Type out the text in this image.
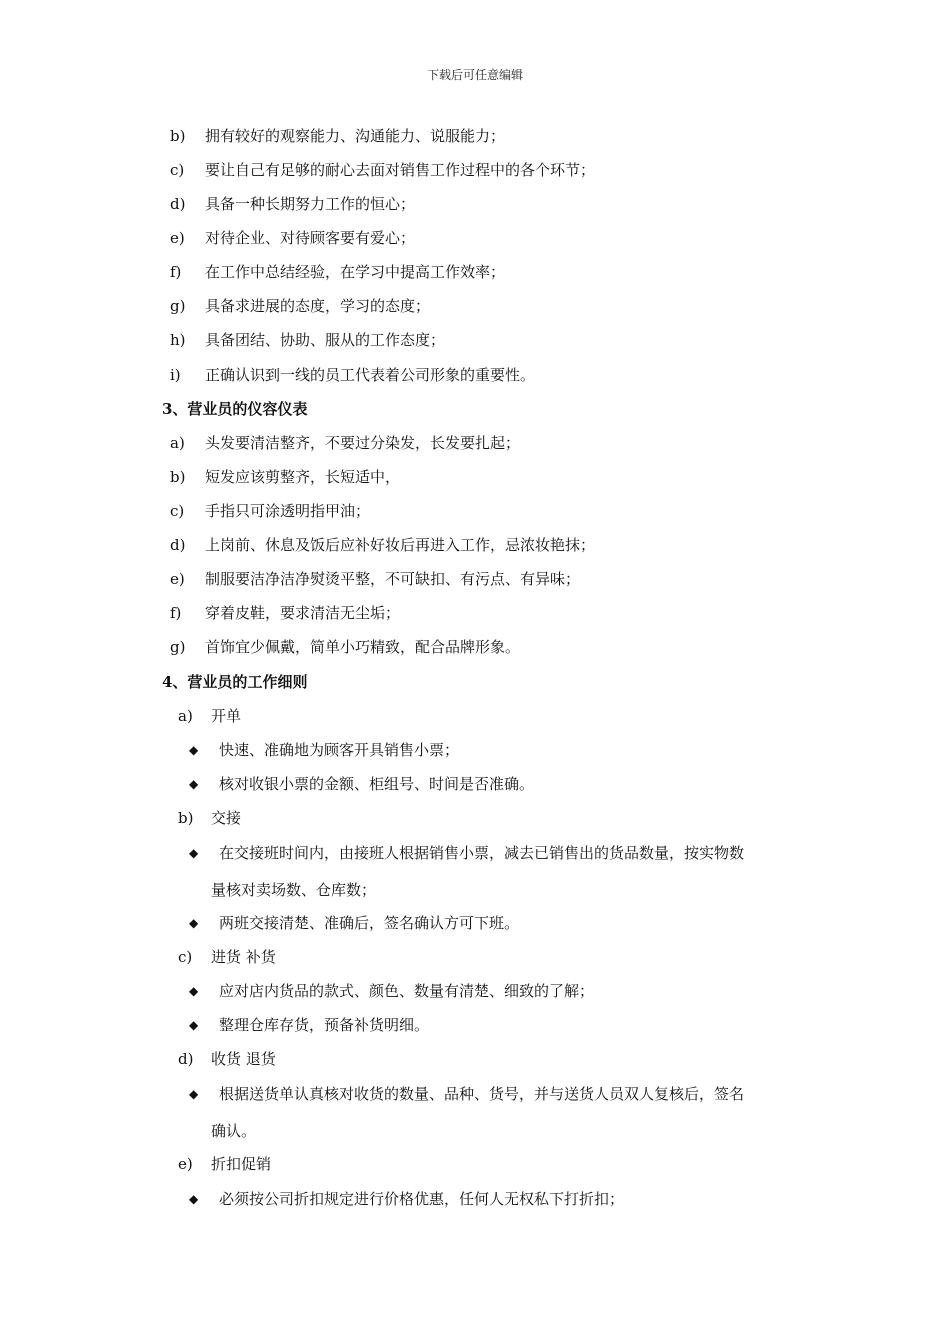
下载后可任意编辑
b) 拥有较好的观察能力、沟通能力、说服能力；
c) 要让自己有足够的耐心去面对销售工作过程中的各个环节；
d) 具备一种长期努力工作的恒心；
e) 对待企业、对待顾客要有爱心；
f) 在工作中总结经验，在学习中提高工作效率；
g) 具备求进展的态度，学习的态度；
h) 具备团结、协助、服从的工作态度；
i) 正确认识到一线的员工代表着公司形象的重要性。
3、营业员的仪容仪表
a) 头发要清洁整齐，不要过分染发，长发要扎起；
b) 短发应该剪整齐，长短适中，
c) 手指只可涂透明指甲油；
d) 上岗前、休息及饭后应补好妆后再进入工作，忌浓妆艳抹；
e) 制服要洁净洁净熨烫平整，不可缺扣、有污点、有异味；
f) 穿着皮鞋，要求清洁无尘垢；
g) 首饰宜少佩戴，简单小巧精致，配合品牌形象。
4、营业员的工作细则
a) 开单
◆ 快速、准确地为顾客开具销售小票；
◆ 核对收银小票的金额、柜组号、时间是否准确。
b) 交接
◆ 在交接班时间内，由接班人根据销售小票，减去已销售出的货品数量，按实物数
量核对卖场数、仓库数；
◆ 两班交接清楚、准确后，签名确认方可下班。
c) 进货 补货
◆ 应对店内货品的款式、颜色、数量有清楚、细致的了解；
◆ 整理仓库存货，预备补货明细。
d) 收货 退货
◆ 根据送货单认真核对收货的数量、品种、货号，并与送货人员双人复核后，签名
确认。
e) 折扣促销
◆ 必须按公司折扣规定进行价格优惠，任何人无权私下打折扣；
